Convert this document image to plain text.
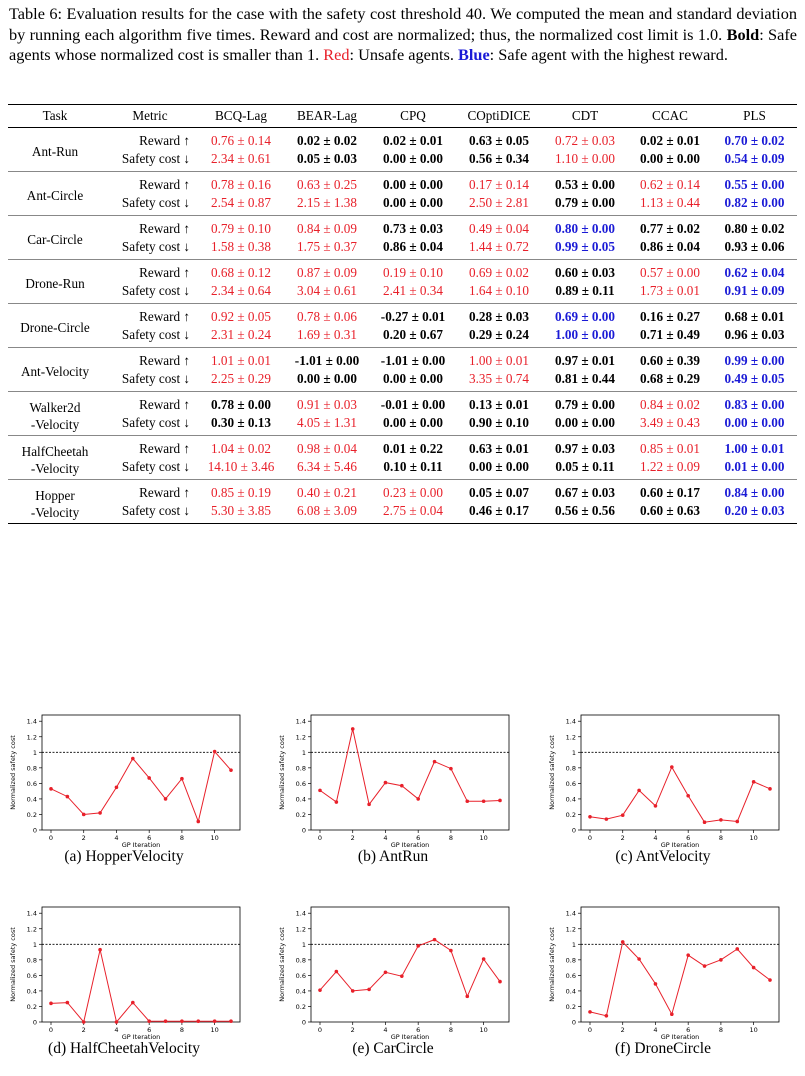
Table 6: Evaluation results for the case with the safety cost threshold 40. We computed the mean and standard deviation by running each algorithm five times. Reward and cost are normalized; thus, the normalized cost limit is 1.0. Bold: Safe agents whose normalized cost is smaller than 1. Red: Unsafe agents. Blue: Safe agent with the highest reward.
Task	Metric	BCQ-Lag	BEAR-Lag	CPQ	COptiDICE	CDT	CCAC	PLS
Ant-Run	Reward ↑	0.76 ± 0.14	0.02 ± 0.02	0.02 ± 0.01	0.63 ± 0.05	0.72 ± 0.03	0.02 ± 0.01	0.70 ± 0.02
	Safety cost ↓	2.34 ± 0.61	0.05 ± 0.03	0.00 ± 0.00	0.56 ± 0.34	1.10 ± 0.00	0.00 ± 0.00	0.54 ± 0.09
Ant-Circle	Reward ↑	0.78 ± 0.16	0.63 ± 0.25	0.00 ± 0.00	0.17 ± 0.14	0.53 ± 0.00	0.62 ± 0.14	0.55 ± 0.00
	Safety cost ↓	2.54 ± 0.87	2.15 ± 1.38	0.00 ± 0.00	2.50 ± 2.81	0.79 ± 0.00	1.13 ± 0.44	0.82 ± 0.00
Car-Circle	Reward ↑	0.79 ± 0.10	0.84 ± 0.09	0.73 ± 0.03	0.49 ± 0.04	0.80 ± 0.00	0.77 ± 0.02	0.80 ± 0.02
	Safety cost ↓	1.58 ± 0.38	1.75 ± 0.37	0.86 ± 0.04	1.44 ± 0.72	0.99 ± 0.05	0.86 ± 0.04	0.93 ± 0.06
Drone-Run	Reward ↑	0.68 ± 0.12	0.87 ± 0.09	0.19 ± 0.10	0.69 ± 0.02	0.60 ± 0.03	0.57 ± 0.00	0.62 ± 0.04
	Safety cost ↓	2.34 ± 0.64	3.04 ± 0.61	2.41 ± 0.34	1.64 ± 0.10	0.89 ± 0.11	1.73 ± 0.01	0.91 ± 0.09
Drone-Circle	Reward ↑	0.92 ± 0.05	0.78 ± 0.06	-0.27 ± 0.01	0.28 ± 0.03	0.69 ± 0.00	0.16 ± 0.27	0.68 ± 0.01
	Safety cost ↓	2.31 ± 0.24	1.69 ± 0.31	0.20 ± 0.67	0.29 ± 0.24	1.00 ± 0.00	0.71 ± 0.49	0.96 ± 0.03
Ant-Velocity	Reward ↑	1.01 ± 0.01	-1.01 ± 0.00	-1.01 ± 0.00	1.00 ± 0.01	0.97 ± 0.01	0.60 ± 0.39	0.99 ± 0.00
	Safety cost ↓	2.25 ± 0.29	0.00 ± 0.00	0.00 ± 0.00	3.35 ± 0.74	0.81 ± 0.44	0.68 ± 0.29	0.49 ± 0.05
Walker2d
-Velocity	Reward ↑	0.78 ± 0.00	0.91 ± 0.03	-0.01 ± 0.00	0.13 ± 0.01	0.79 ± 0.00	0.84 ± 0.02	0.83 ± 0.00
	Safety cost ↓	0.30 ± 0.13	4.05 ± 1.31	0.00 ± 0.00	0.90 ± 0.10	0.00 ± 0.00	3.49 ± 0.43	0.00 ± 0.00
HalfCheetah
-Velocity	Reward ↑	1.04 ± 0.02	0.98 ± 0.04	0.01 ± 0.22	0.63 ± 0.01	0.97 ± 0.03	0.85 ± 0.01	1.00 ± 0.01
	Safety cost ↓	14.10 ± 3.46	6.34 ± 5.46	0.10 ± 0.11	0.00 ± 0.00	0.05 ± 0.11	1.22 ± 0.09	0.01 ± 0.00
Hopper
-Velocity	Reward ↑	0.85 ± 0.19	0.40 ± 0.21	0.23 ± 0.00	0.05 ± 0.07	0.67 ± 0.03	0.60 ± 0.17	0.84 ± 0.00
	Safety cost ↓	5.30 ± 3.85	6.08 ± 3.09	2.75 ± 0.04	0.46 ± 0.17	0.56 ± 0.56	0.60 ± 0.63	0.20 ± 0.03
0
0.2
0.4
0.6
0.8
1
1.2
1.4
0	2	4	6	8	10
GP Iteration
Normalized safety cost
(a) HopperVelocity
0
0.2
0.4
0.6
0.8
1
1.2
1.4
0	2	4	6	8	10
GP Iteration
Normalized safety cost
(b) AntRun
0
0.2
0.4
0.6
0.8
1
1.2
1.4
0	2	4	6	8	10
GP Iteration
Normalized safety cost
(c) AntVelocity
0
0.2
0.4
0.6
0.8
1
1.2
1.4
0	2	4	6	8	10
GP Iteration
Normalized safety cost
(d) HalfCheetahVelocity
0
0.2
0.4
0.6
0.8
1
1.2
1.4
0	2	4	6	8	10
GP Iteration
Normalized safety cost
(e) CarCircle
0
0.2
0.4
0.6
0.8
1
1.2
1.4
0	2	4	6	8	10
GP Iteration
Normalized safety cost
(f) DroneCircle
